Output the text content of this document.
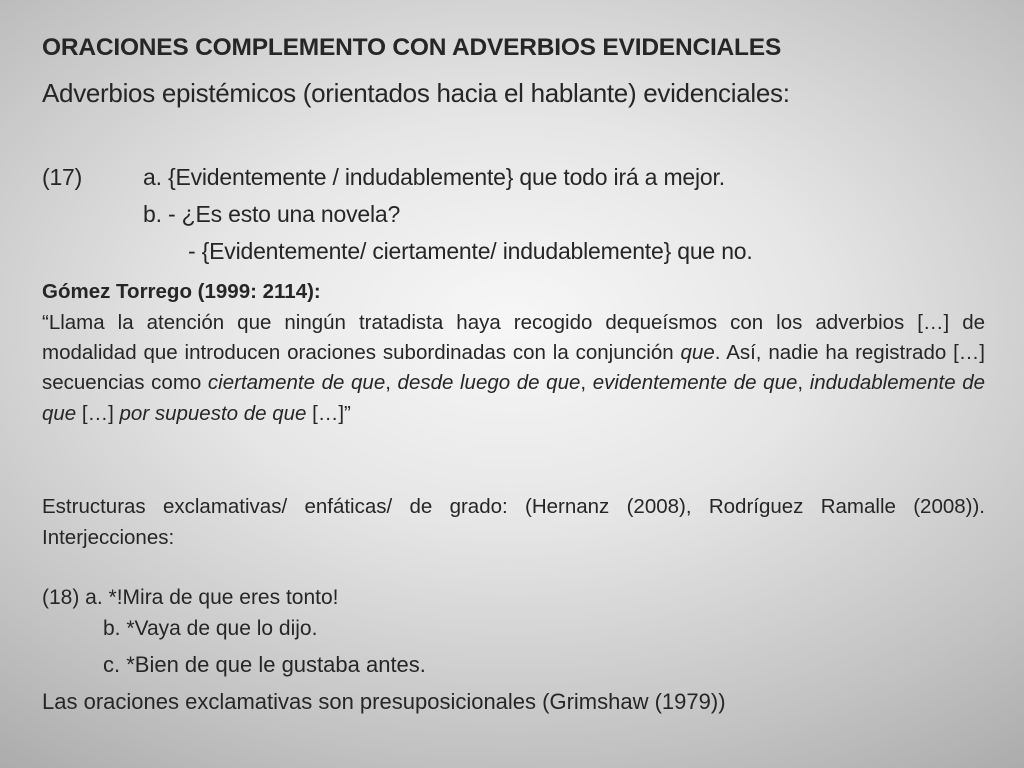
ORACIONES COMPLEMENTO CON ADVERBIOS EVIDENCIALES
Adverbios epistémicos (orientados hacia el hablante) evidenciales:
(17)	a. {Evidentemente / indudablemente} que todo irá a mejor.
b. - ¿Es esto una novela?
- {Evidentemente/ ciertamente/ indudablemente} que no.
Gómez Torrego (1999: 2114):
“Llama la atención que ningún tratadista haya recogido dequeísmos con los adverbios […] de modalidad que introducen oraciones subordinadas con la conjunción que. Así, nadie ha registrado […] secuencias como ciertamente de que, desde luego de que, evidentemente de que, indudablemente de que […] por supuesto de que […]”
Estructuras exclamativas/ enfáticas/ de grado: (Hernanz (2008), Rodríguez Ramalle (2008)). Interjecciones:
(18) a. *!Mira de que eres tonto!
b. *Vaya de que lo dijo.
c. *Bien de que le gustaba antes.
Las oraciones exclamativas son presuposicionales (Grimshaw (1979))
